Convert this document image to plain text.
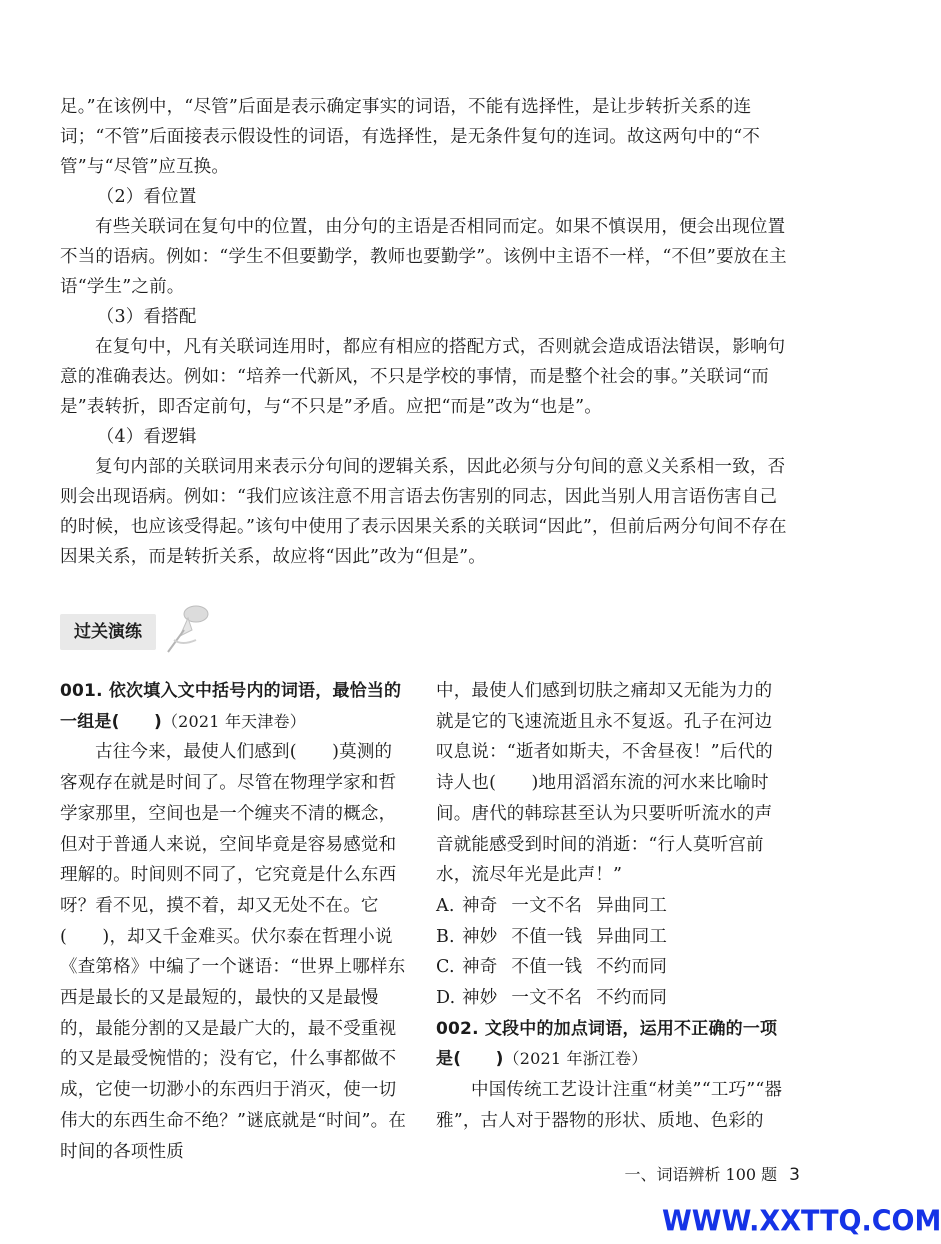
足。”在该例中，“尽管”后面是表示确定事实的词语，不能有选择性，是让步转折关系的连词；“不管”后面接表示假设性的词语，有选择性，是无条件复句的连词。故这两句中的“不管”与“尽管”应互换。

（2）看位置

有些关联词在复句中的位置，由分句的主语是否相同而定。如果不慎误用，便会出现位置不当的语病。例如：“学生不但要勤学，教师也要勤学”。该例中主语不一样，“不但”要放在主语“学生”之前。

（3）看搭配

在复句中，凡有关联词连用时，都应有相应的搭配方式，否则就会造成语法错误，影响句意的准确表达。例如：“培养一代新风，不只是学校的事情，而是整个社会的事。”关联词“而是”表转折，即否定前句，与“不只是”矛盾。应把“而是”改为“也是”。

（4）看逻辑

复句内部的关联词用来表示分句间的逻辑关系，因此必须与分句间的意义关系相一致，否则会出现语病。例如：“我们应该注意不用言语去伤害别的同志，因此当别人用言语伤害自己的时候，也应该受得起。”该句中使用了表示因果关系的关联词“因此”，但前后两分句间不存在因果关系，而是转折关系，故应将“因此”改为“但是”。

过关演练

001. 依次填入文中括号内的词语，最恰当的一组是(　　)（2021 年天津卷）

古往今来，最使人们感到(　　)莫测的客观存在就是时间了。尽管在物理学家和哲学家那里，空间也是一个缠夹不清的概念，但对于普通人来说，空间毕竟是容易感觉和理解的。时间则不同了，它究竟是什么东西呀？看不见，摸不着，却又无处不在。它(　　)，却又千金难买。伏尔泰在哲理小说《查第格》中编了一个谜语：“世界上哪样东西是最长的又是最短的，最快的又是最慢的，最能分割的又是最广大的，最不受重视的又是最受惋惜的；没有它，什么事都做不成，它使一切渺小的东西归于消灭，使一切伟大的东西生命不绝？”谜底就是“时间”。在时间的各项性质

中，最使人们感到切肤之痛却又无能为力的就是它的飞速流逝且永不复返。孔子在河边叹息说：“逝者如斯夫，不舍昼夜！”后代的诗人也(　　)地用滔滔东流的河水来比喻时间。唐代的韩琮甚至认为只要听听流水的声音就能感受到时间的消逝：“行人莫听宫前水，流尽年光是此声！”

A. 神奇 一文不名 异曲同工
B. 神妙 不值一钱 异曲同工
C. 神奇 不值一钱 不约而同
D. 神妙 一文不名 不约而同

002. 文段中的加点词语，运用不正确的一项是(　　)（2021 年浙江卷）

中国传统工艺设计注重“材美”“工巧”“器雅”，古人对于器物的形状、质地、色彩的

一、词语辨析 100 题 3
WWW.XXTTQ.COM
